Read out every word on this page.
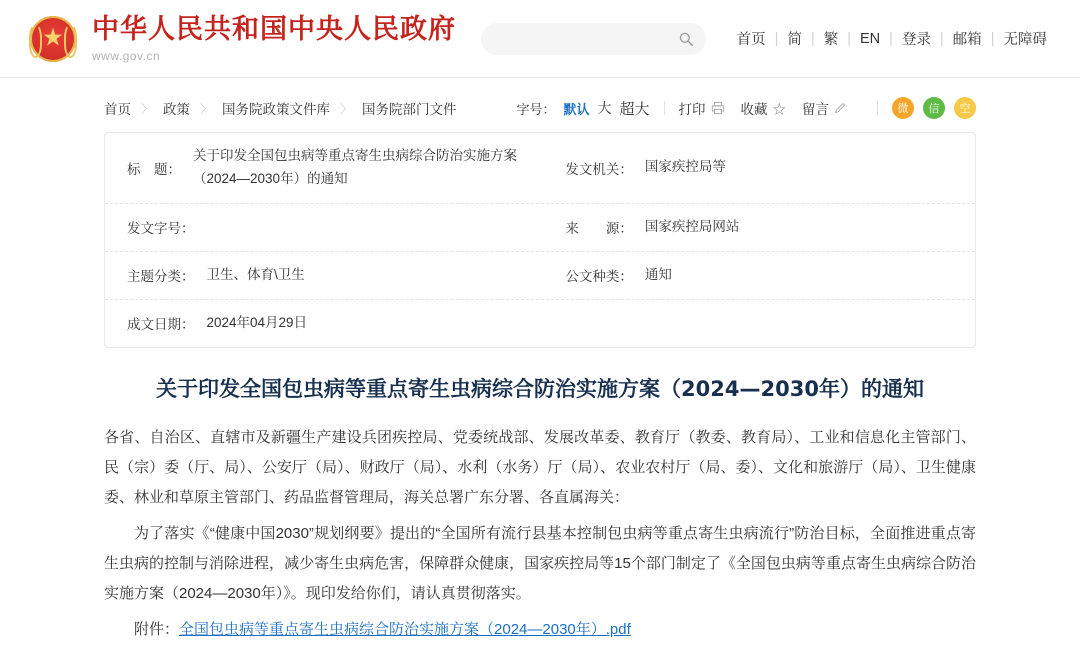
★ 中华人民共和国中央人民政府
www.gov.cn
首页 | 简 | 繁 | EN | 登录 | 邮箱 | 无障碍
首页 〉 政策 〉 国务院政策文件库 〉 国务院部门文件	字号： 默认 大 超大 打印	收藏 ☆ 留言	微	信	空
标　题：
关于印发全国包虫病等重点寄生虫病综合防治实施方案（2024—2030年）的通知
发文机关： 国家疾控局等
发文字号：	来　　源： 国家疾控局网站
主题分类： 卫生、体育\卫生	公文种类： 通知
成文日期： 2024年04月29日
关于印发全国包虫病等重点寄生虫病综合防治实施方案（2024—2030年）的通知

各省、自治区、直辖市及新疆生产建设兵团疾控局、党委统战部、发展改革委、教育厅（教委、教育局）、工业和信息化主管部门、民（宗）委（厅、局）、公安厅（局）、财政厅（局）、水利（水务）厅（局）、农业农村厅（局、委）、文化和旅游厅（局）、卫生健康委、林业和草原主管部门、药品监督管理局，海关总署广东分署、各直属海关：

为了落实《“健康中国2030”规划纲要》提出的“全国所有流行县基本控制包虫病等重点寄生虫病流行”防治目标，全面推进重点寄生虫病的控制与消除进程，减少寄生虫病危害，保障群众健康，国家疾控局等15个部门制定了《全国包虫病等重点寄生虫病综合防治实施方案（2024—2030年）》。现印发给你们，请认真贯彻落实。

附件：全国包虫病等重点寄生虫病综合防治实施方案（2024—2030年）.pdf
